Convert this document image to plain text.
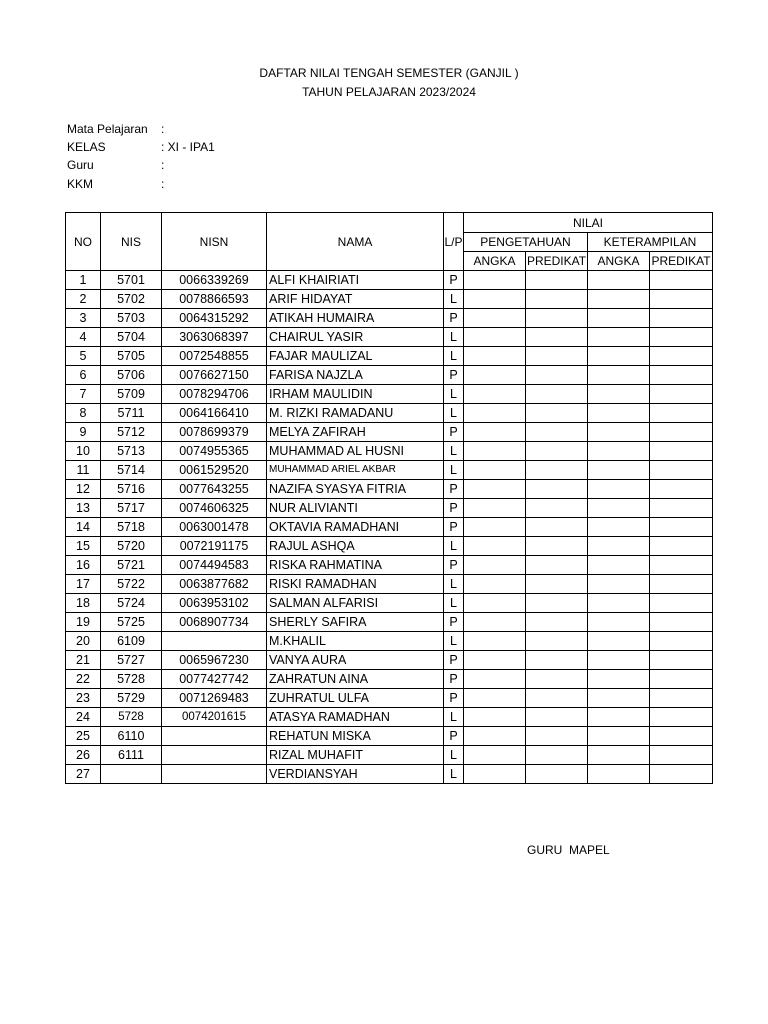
DAFTAR NILAI TENGAH SEMESTER (GANJIL )
TAHUN PELAJARAN 2023/2024
Mata Pelajaran :
KELAS	: XI - IPA1
Guru	:
KKM	:
NO	NIS	NISN	NAMA	L/P	NILAI			
					PENGETAHUAN		KETERAMPILAN	
					ANGKA	PREDIKAT	ANGKA	PREDIKAT
1	5701	0066339269	ALFI KHAIRIATI	P				
2	5702	0078866593	ARIF HIDAYAT	L				
3	5703	0064315292	ATIKAH HUMAIRA	P				
4	5704	3063068397	CHAIRUL YASIR	L				
5	5705	0072548855	FAJAR MAULIZAL	L				
6	5706	0076627150	FARISA NAJZLA	P				
7	5709	0078294706	IRHAM MAULIDIN	L				
8	5711	0064166410	M. RIZKI RAMADANU	L				
9	5712	0078699379	MELYA ZAFIRAH	P				
10	5713	0074955365	MUHAMMAD AL HUSNI	L				
11	5714	0061529520	MUHAMMAD ARIEL AKBAR	L				
12	5716	0077643255	NAZIFA SYASYA FITRIA	P				
13	5717	0074606325	NUR ALIVIANTI	P				
14	5718	0063001478	OKTAVIA RAMADHANI	P				
15	5720	0072191175	RAJUL ASHQA	L				
16	5721	0074494583	RISKA RAHMATINA	P				
17	5722	0063877682	RISKI RAMADHAN	L				
18	5724	0063953102	SALMAN ALFARISI	L				
19	5725	0068907734	SHERLY SAFIRA	P				
20	6109		M.KHALIL	L				
21	5727	0065967230	VANYA AURA	P				
22	5728	0077427742	ZAHRATUN AINA	P				
23	5729	0071269483	ZUHRATUL ULFA	P				
24	5728	0074201615	ATASYA RAMADHAN	L				
25	6110		REHATUN MISKA	P				
26	6111		RIZAL MUHAFIT	L				
27			VERDIANSYAH	L				
GURU  MAPEL
